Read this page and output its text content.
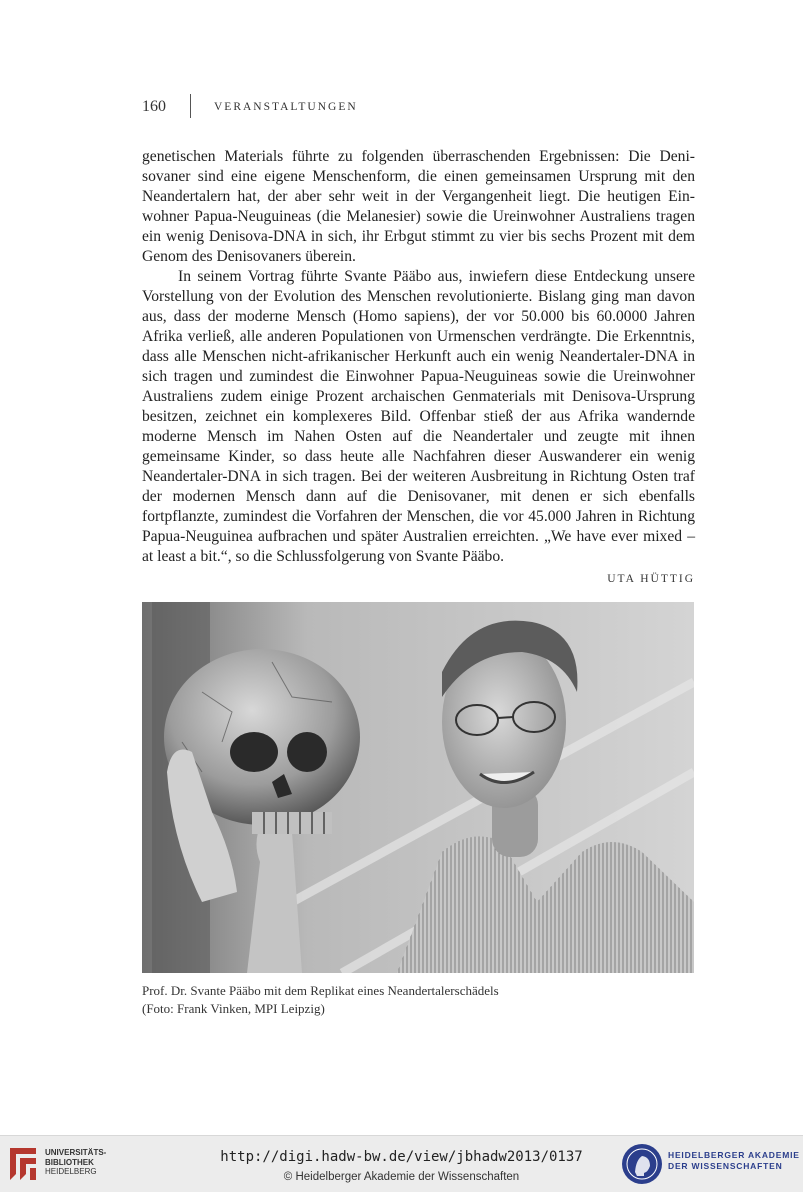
160	VERANSTALTUNGEN

genetischen Materials führte zu folgenden überraschenden Ergebnissen: Die Denisovaner sind eine eigene Menschenform, die einen gemeinsamen Ursprung mit den Neandertalern hat, der aber sehr weit in der Vergangenheit liegt. Die heutigen Einwohner Papua-Neuguineas (die Melanesier) sowie die Ureinwohner Australiens tragen ein wenig Denisova-DNA in sich, ihr Erbgut stimmt zu vier bis sechs Prozent mit dem Genom des Denisovaners überein.

In seinem Vortrag führte Svante Pääbo aus, inwiefern diese Entdeckung unsere Vorstellung von der Evolution des Menschen revolutionierte. Bislang ging man davon aus, dass der moderne Mensch (Homo sapiens), der vor 50.000 bis 60.0000 Jahren Afrika verließ, alle anderen Populationen von Urmenschen verdrängte. Die Erkenntnis, dass alle Menschen nicht-afrikanischer Herkunft auch ein wenig Neandertaler-DNA in sich tragen und zumindest die Einwohner Papua-Neuguineas sowie die Ureinwohner Australiens zudem einige Prozent archaischen Genmaterials mit Denisova-Ursprung besitzen, zeichnet ein komplexeres Bild. Offenbar stieß der aus Afrika wandernde moderne Mensch im Nahen Osten auf die Neandertaler und zeugte mit ihnen gemeinsame Kinder, so dass heute alle Nachfahren dieser Auswanderer ein wenig Neandertaler-DNA in sich tragen. Bei der weiteren Ausbreitung in Richtung Osten traf der modernen Mensch dann auf die Denisovaner, mit denen er sich ebenfalls fortpflanzte, zumindest die Vorfahren der Menschen, die vor 45.000 Jahren in Richtung Papua-Neuguinea aufbrachen und später Australien erreichten. „We have ever mixed – at least a bit.“, so die Schlussfolgerung von Svante Pääbo.

UTA HÜTTIG
Prof. Dr. Svante Pääbo mit dem Replikat eines Neandertalerschädels
(Foto: Frank Vinken, MPI Leipzig)
UNIVERSITÄTS-
BIBLIOTHEK
HEIDELBERG
http://digi.hadw-bw.de/view/jbhadw2013/0137
© Heidelberger Akademie der Wissenschaften
HEIDELBERGER AKADEMIE
DER WISSENSCHAFTEN
